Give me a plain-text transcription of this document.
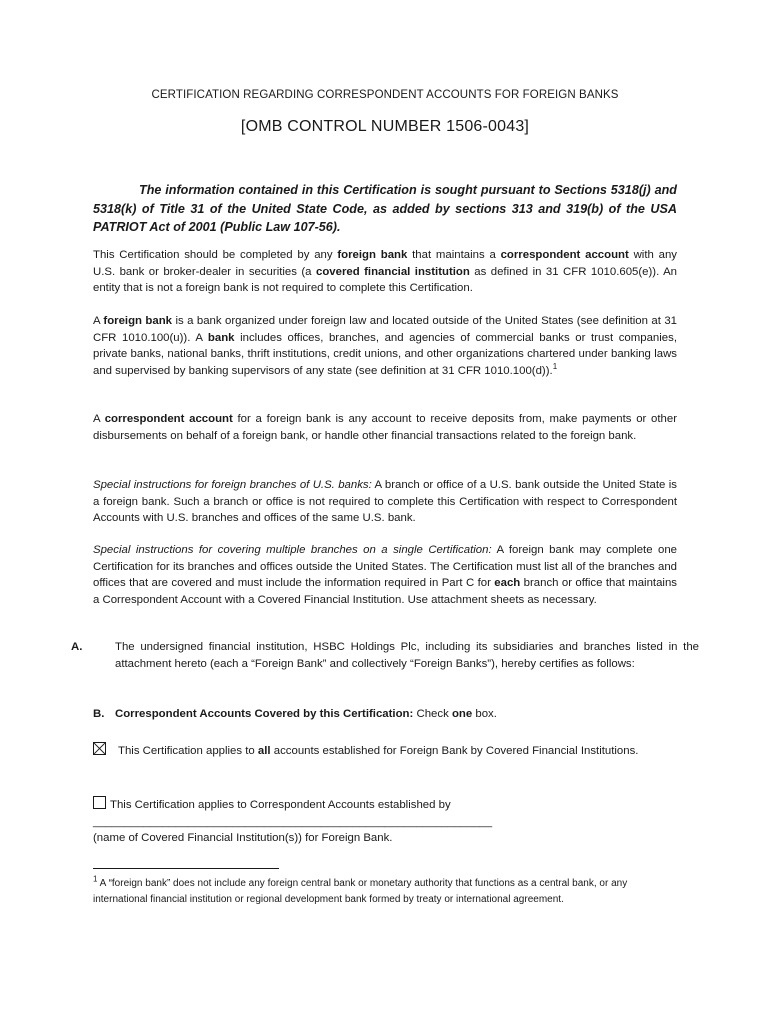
CERTIFICATION REGARDING CORRESPONDENT ACCOUNTS FOR FOREIGN BANKS
[OMB CONTROL NUMBER 1506-0043]
The information contained in this Certification is sought pursuant to Sections 5318(j) and 5318(k) of Title 31 of the United State Code, as added by sections 313 and 319(b) of the USA PATRIOT Act of 2001 (Public Law 107-56).
This Certification should be completed by any foreign bank that maintains a correspondent account with any U.S. bank or broker-dealer in securities (a covered financial institution as defined in 31 CFR 1010.605(e)). An entity that is not a foreign bank is not required to complete this Certification.
A foreign bank is a bank organized under foreign law and located outside of the United States (see definition at 31 CFR 1010.100(u)). A bank includes offices, branches, and agencies of commercial banks or trust companies, private banks, national banks, thrift institutions, credit unions, and other organizations chartered under banking laws and supervised by banking supervisors of any state (see definition at 31 CFR 1010.100(d)).$^1$
A correspondent account for a foreign bank is any account to receive deposits from, make payments or other disbursements on behalf of a foreign bank, or handle other financial transactions related to the foreign bank.
Special instructions for foreign branches of U.S. banks: A branch or office of a U.S. bank outside the United State is a foreign bank. Such a branch or office is not required to complete this Certification with respect to Correspondent Accounts with U.S. branches and offices of the same U.S. bank.
Special instructions for covering multiple branches on a single Certification: A foreign bank may complete one Certification for its branches and offices outside the United States. The Certification must list all of the branches and offices that are covered and must include the information required in Part C for each branch or office that maintains a Correspondent Account with a Covered Financial Institution. Use attachment sheets as necessary.
A.	The undersigned financial institution, HSBC Holdings Plc, including its subsidiaries and branches listed in the attachment hereto (each a “Foreign Bank” and collectively “Foreign Banks”), hereby certifies as follows:
B. Correspondent Accounts Covered by this Certification: Check one box.
This Certification applies to all accounts established for Foreign Bank by Covered Financial Institutions.
This Certification applies to Correspondent Accounts established by
_______________________________________________________________
(name of Covered Financial Institution(s)) for Foreign Bank.
$^1$ A “foreign bank” does not include any foreign central bank or monetary authority that functions as a central bank, or any international financial institution or regional development bank formed by treaty or international agreement.
